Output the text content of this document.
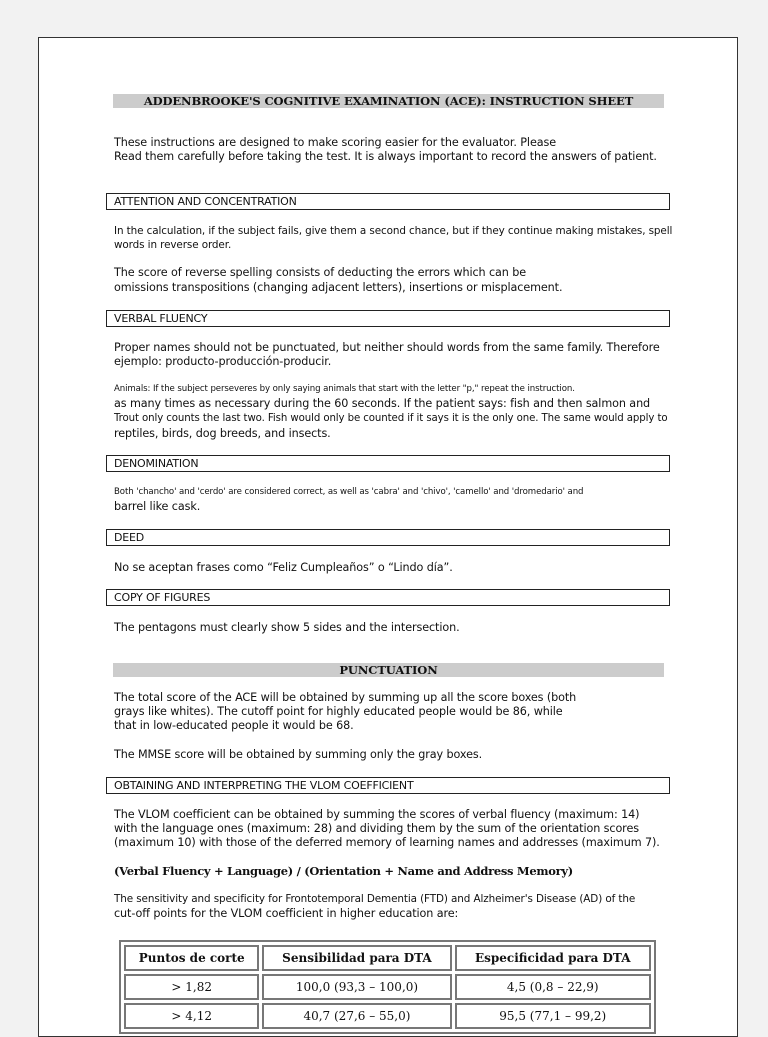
ADDENBROOKE'S COGNITIVE EXAMINATION (ACE): INSTRUCTION SHEET

These instructions are designed to make scoring easier for the evaluator. Please

Read them carefully before taking the test. It is always important to record the answers of patient.

ATTENTION AND CONCENTRATION

In the calculation, if the subject fails, give them a second chance, but if they continue making mistakes, spell words in reverse order.

The score of reverse spelling consists of deducting the errors which can be

omissions transpositions (changing adjacent letters), insertions or misplacement.

VERBAL FLUENCY

Proper names should not be punctuated, but neither should words from the same family. Therefore ejemplo: producto-producción-producir.

Animals: If the subject perseveres by only saying animals that start with the letter "p," repeat the instruction.

as many times as necessary during the 60 seconds. If the patient says: fish and then salmon and

Trout only counts the last two. Fish would only be counted if it says it is the only one. The same would apply to

reptiles, birds, dog breeds, and insects.

DENOMINATION

Both 'chancho' and 'cerdo' are considered correct, as well as 'cabra' and 'chivo', 'camello' and 'dromedario' and

barrel like cask.

DEED

No se aceptan frases como “Feliz Cumpleaños” o “Lindo día”.

COPY OF FIGURES

The pentagons must clearly show 5 sides and the intersection.

PUNCTUATION

The total score of the ACE will be obtained by summing up all the score boxes (both

grays like whites). The cutoff point for highly educated people would be 86, while

that in low-educated people it would be 68.

The MMSE score will be obtained by summing only the gray boxes.

OBTAINING AND INTERPRETING THE VLOM COEFFICIENT

The VLOM coefficient can be obtained by summing the scores of verbal fluency (maximum: 14)

with the language ones (maximum: 28) and dividing them by the sum of the orientation scores

(maximum 10) with those of the deferred memory of learning names and addresses (maximum 7).

(Verbal Fluency + Language) / (Orientation + Name and Address Memory)

The sensitivity and specificity for Frontotemporal Dementia (FTD) and Alzheimer's Disease (AD) of the

cut-off points for the VLOM coefficient in higher education are:

Puntos de corte	Sensibilidad para DTA	Especificidad para DTA
> 1,82	100,0 (93,3 – 100,0)	4,5 (0,8 – 22,9)
> 4,12	40,7 (27,6 – 55,0)	95,5 (77,1 – 99,2)
